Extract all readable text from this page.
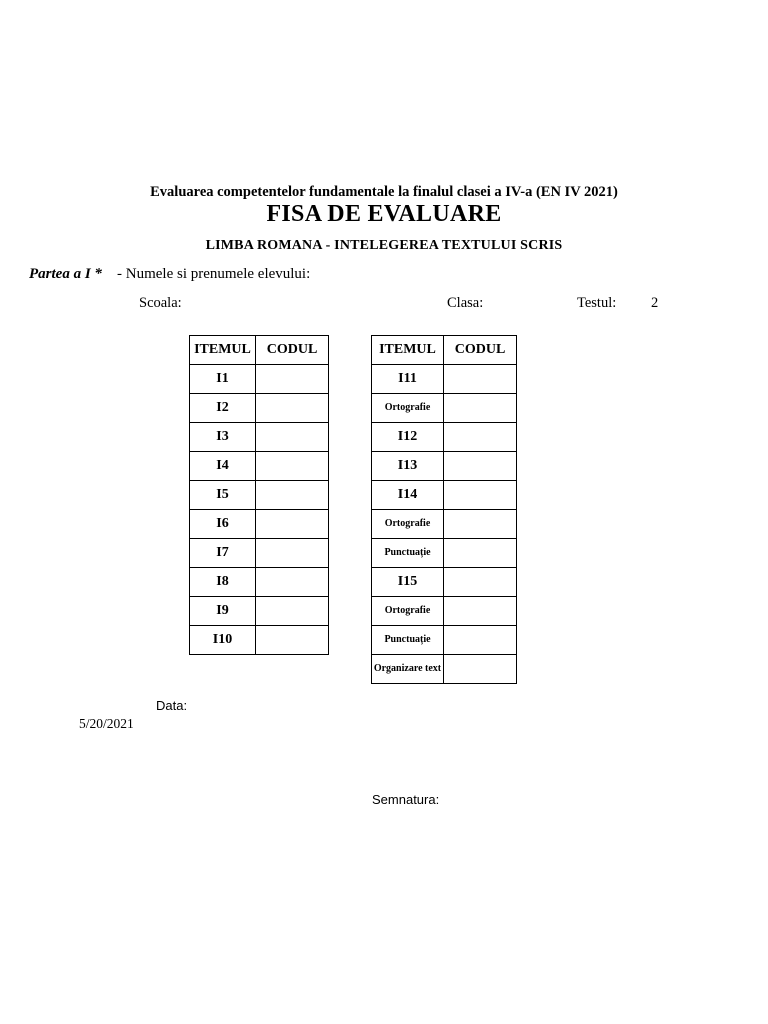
Evaluarea competentelor fundamentale la finalul clasei a IV-a (EN IV 2021)
FISA DE EVALUARE
LIMBA ROMANA - INTELEGEREA TEXTULUI SCRIS
Partea a I * - Numele si prenumele elevului:
Scoala:	Clasa:	Testul: 2
ITEMUL	CODUL
I1	
I2	
I3	
I4	
I5	
I6	
I7	
I8	
I9	
I10	
ITEMUL	CODUL
I11	
Ortografie	
I12	
I13	
I14	
Ortografie	
Punctuație	
I15	
Ortografie	
Punctuație	
Organizare text	
Data:
5/20/2021
Semnatura:
